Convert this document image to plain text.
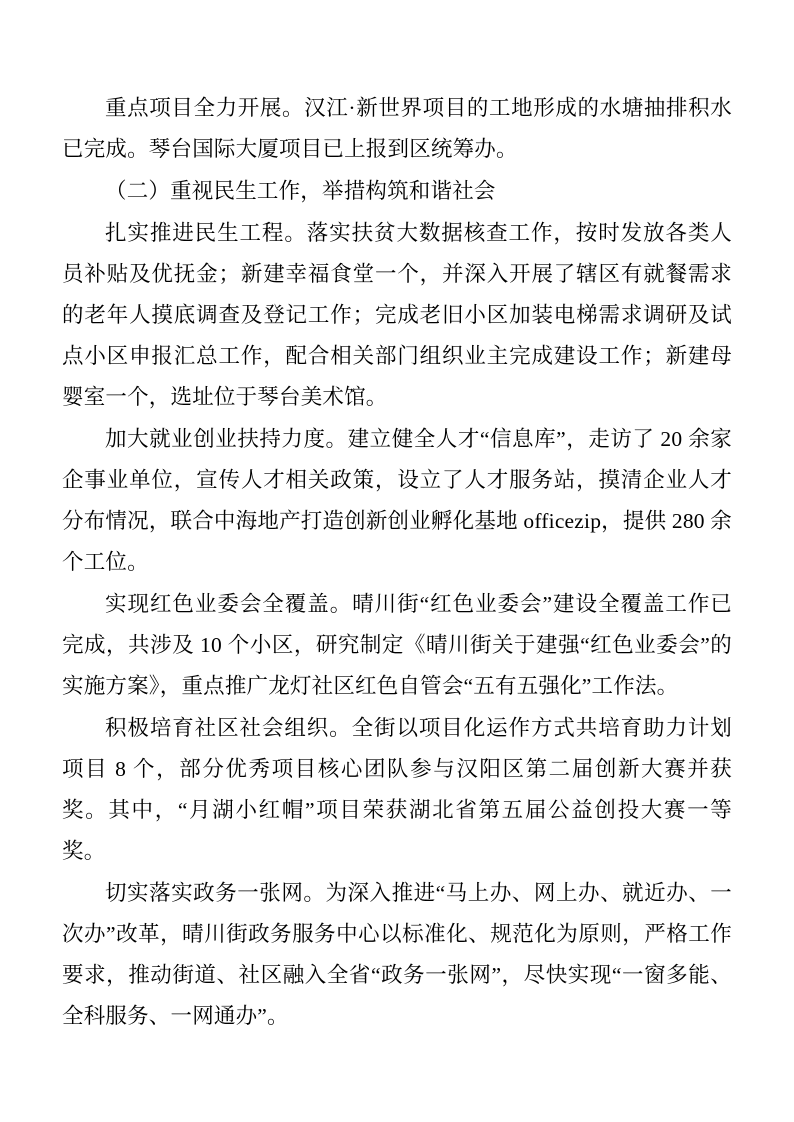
重点项目全力开展。汉江·新世界项目的工地形成的水塘抽排积水已完成。琴台国际大厦项目已上报到区统筹办。

（二）重视民生工作，举措构筑和谐社会

扎实推进民生工程。落实扶贫大数据核查工作，按时发放各类人员补贴及优抚金；新建幸福食堂一个，并深入开展了辖区有就餐需求的老年人摸底调查及登记工作；完成老旧小区加装电梯需求调研及试点小区申报汇总工作，配合相关部门组织业主完成建设工作；新建母婴室一个，选址位于琴台美术馆。

加大就业创业扶持力度。建立健全人才“信息库”，走访了 20 余家企事业单位，宣传人才相关政策，设立了人才服务站，摸清企业人才分布情况，联合中海地产打造创新创业孵化基地 officezip，提供 280 余个工位。

实现红色业委会全覆盖。晴川街“红色业委会”建设全覆盖工作已完成，共涉及 10 个小区，研究制定《晴川街关于建强“红色业委会”的实施方案》，重点推广龙灯社区红色自管会“五有五强化”工作法。

积极培育社区社会组织。全街以项目化运作方式共培育助力计划项目 8 个，部分优秀项目核心团队参与汉阳区第二届创新大赛并获奖。其中，“月湖小红帽”项目荣获湖北省第五届公益创投大赛一等奖。

切实落实政务一张网。为深入推进“马上办、网上办、就近办、一次办”改革，晴川街政务服务中心以标准化、规范化为原则，严格工作要求，推动街道、社区融入全省“政务一张网”，尽快实现“一窗多能、全科服务、一网通办”。
